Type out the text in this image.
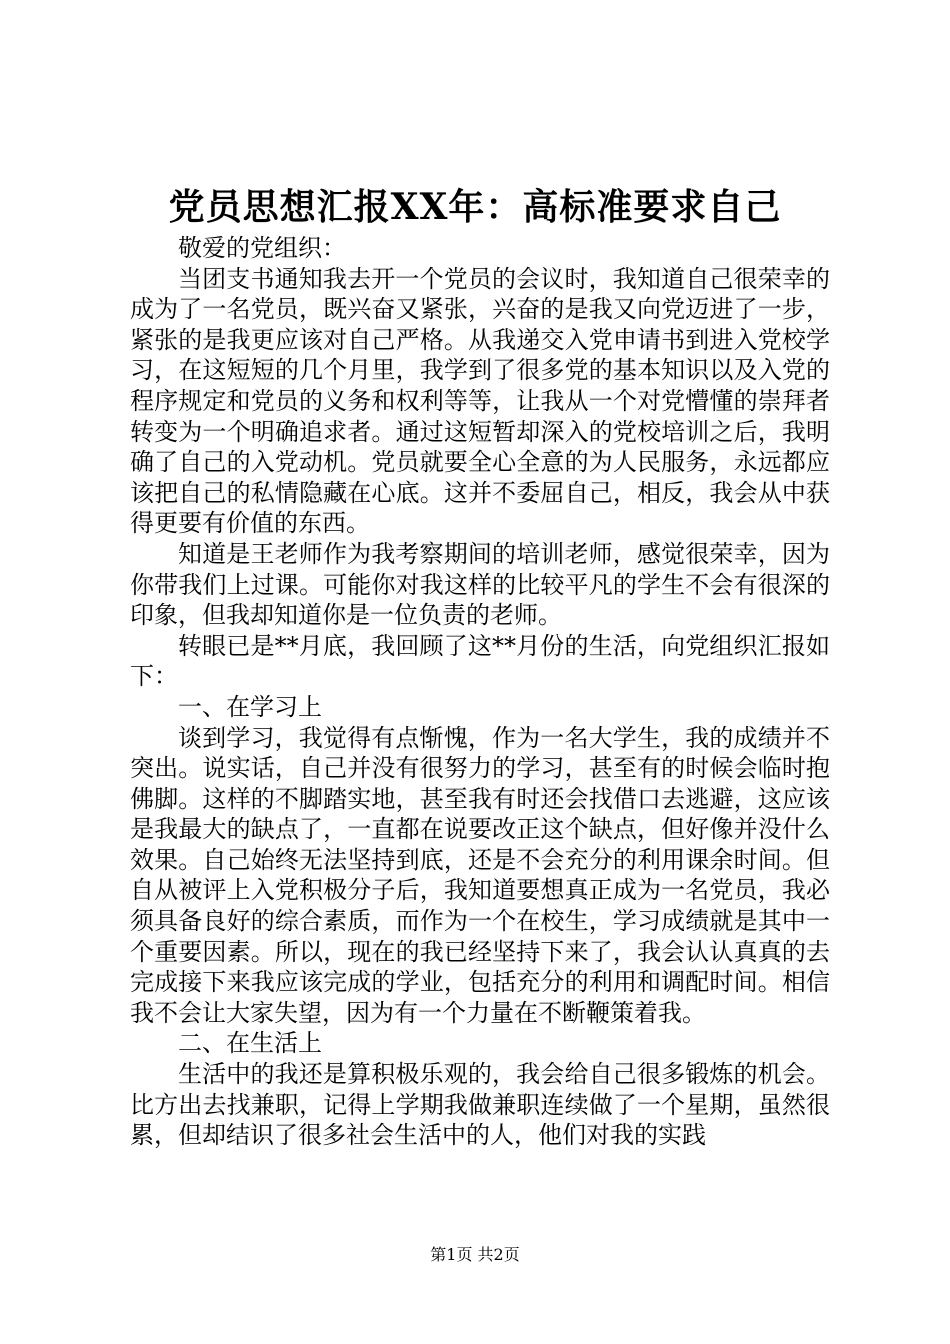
党员思想汇报XX年：高标准要求自己

敬爱的党组织：

当团支书通知我去开一个党员的会议时，我知道自己很荣幸的成为了一名党员，既兴奋又紧张，兴奋的是我又向党迈进了一步，紧张的是我更应该对自己严格。从我递交入党申请书到进入党校学习，在这短短的几个月里，我学到了很多党的基本知识以及入党的程序规定和党员的义务和权利等等，让我从一个对党懵懂的崇拜者转变为一个明确追求者。通过这短暂却深入的党校培训之后，我明确了自己的入党动机。党员就要全心全意的为人民服务，永远都应该把自己的私情隐藏在心底。这并不委屈自己，相反，我会从中获得更要有价值的东西。

知道是王老师作为我考察期间的培训老师，感觉很荣幸，因为你带我们上过课。可能你对我这样的比较平凡的学生不会有很深的印象，但我却知道你是一位负责的老师。

转眼已是**月底，我回顾了这**月份的生活，向党组织汇报如下：

一、在学习上

谈到学习，我觉得有点惭愧，作为一名大学生，我的成绩并不突出。说实话，自己并没有很努力的学习，甚至有的时候会临时抱佛脚。这样的不脚踏实地，甚至我有时还会找借口去逃避，这应该是我最大的缺点了，一直都在说要改正这个缺点，但好像并没什么效果。自己始终无法坚持到底，还是不会充分的利用课余时间。但自从被评上入党积极分子后，我知道要想真正成为一名党员，我必须具备良好的综合素质，而作为一个在校生，学习成绩就是其中一个重要因素。所以，现在的我已经坚持下来了，我会认认真真的去完成接下来我应该完成的学业，包括充分的利用和调配时间。相信我不会让大家失望，因为有一个力量在不断鞭策着我。

二、在生活上

生活中的我还是算积极乐观的，我会给自己很多锻炼的机会。比方出去找兼职，记得上学期我做兼职连续做了一个星期，虽然很累，但却结识了很多社会生活中的人，他们对我的实践

第1页 共2页
